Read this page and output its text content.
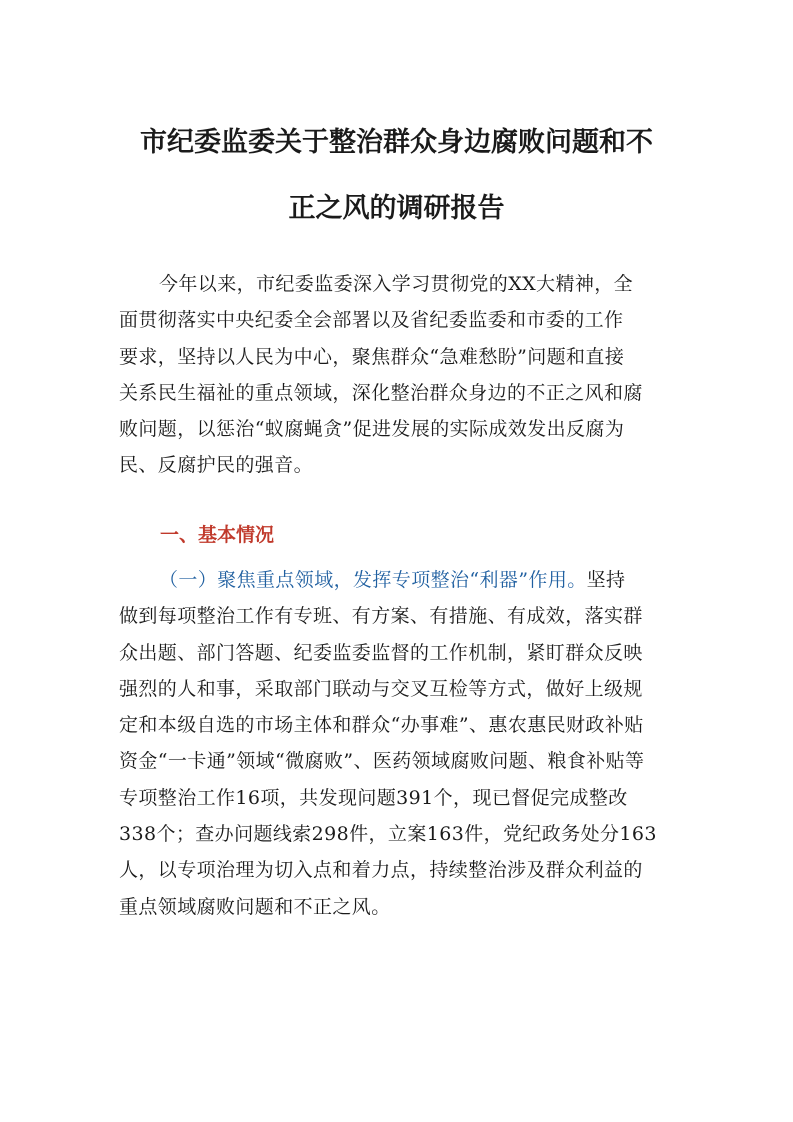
市纪委监委关于整治群众身边腐败问题和不
正之风的调研报告
今年以来，市纪委监委深入学习贯彻党的XX大精神，全
面贯彻落实中央纪委全会部署以及省纪委监委和市委的工作
要求，坚持以人民为中心，聚焦群众“急难愁盼”问题和直接
关系民生福祉的重点领域，深化整治群众身边的不正之风和腐
败问题，以惩治“蚁腐蝇贪”促进发展的实际成效发出反腐为
民、反腐护民的强音。
一、基本情况
（一）聚焦重点领域，发挥专项整治“利器”作用。坚持
做到每项整治工作有专班、有方案、有措施、有成效，落实群
众出题、部门答题、纪委监委监督的工作机制，紧盯群众反映
强烈的人和事，采取部门联动与交叉互检等方式，做好上级规
定和本级自选的市场主体和群众“办事难”、惠农惠民财政补贴
资金“一卡通”领域“微腐败”、医药领域腐败问题、粮食补贴等
专项整治工作16项，共发现问题391个，现已督促完成整改
338个；查办问题线索298件，立案163件，党纪政务处分163
人，以专项治理为切入点和着力点，持续整治涉及群众利益的
重点领域腐败问题和不正之风。
